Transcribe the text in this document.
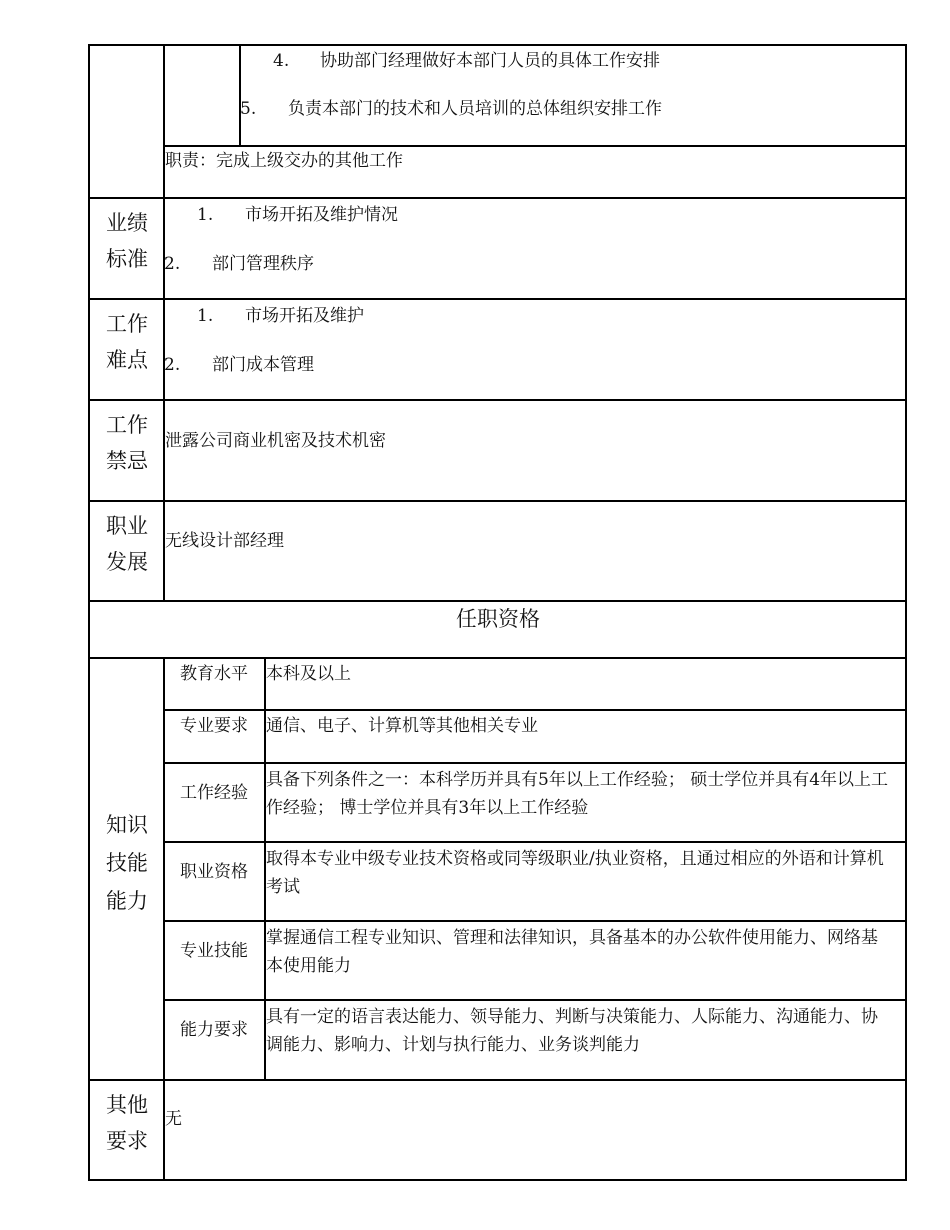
4. 协助部门经理做好本部门人员的具体工作安排
5. 负责本部门的技术和人员培训的总体组织安排工作
职责：完成上级交办的其他工作
业绩
标准
1. 市场开拓及维护情况
2. 部门管理秩序
工作
难点
1. 市场开拓及维护
2. 部门成本管理
工作
禁忌
泄露公司商业机密及技术机密
职业
发展
无线设计部经理
任职资格
知识
技能
能力
教育水平	本科及以上
专业要求	通信、电子、计算机等其他相关专业
工作经验
具备下列条件之一：本科学历并具有5年以上工作经验； 硕士学位并具有4年以上工作经验； 博士学位并具有3年以上工作经验
职业资格
取得本专业中级专业技术资格或同等级职业/执业资格，且通过相应的外语和计算机考试
专业技能
掌握通信工程专业知识、管理和法律知识，具备基本的办公软件使用能力、网络基本使用能力
能力要求
具有一定的语言表达能力、领导能力、判断与决策能力、人际能力、沟通能力、协调能力、影响力、计划与执行能力、业务谈判能力
其他
要求
无
